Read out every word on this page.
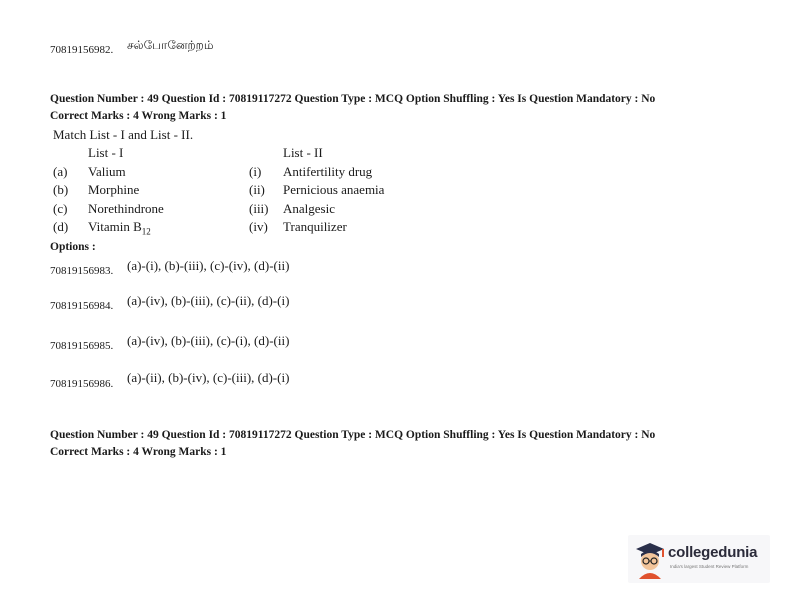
70819156982. சல்போனேற்றம்
Question Number : 49 Question Id : 70819117272 Question Type : MCQ Option Shuffling : Yes Is Question Mandatory : No
Correct Marks : 4 Wrong Marks : 1
Match List - I and List - II.
List - I	List - II
(a) Valium	(i) Antifertility drug
(b) Morphine	(ii) Pernicious anaemia
(c) Norethindrone	(iii) Analgesic
(d) Vitamin $B_{12}$	(iv) Tranquilizer
Options :
70819156983. (a)-(i), (b)-(iii), (c)-(iv), (d)-(ii)
70819156984. (a)-(iv), (b)-(iii), (c)-(ii), (d)-(i)
70819156985. (a)-(iv), (b)-(iii), (c)-(i), (d)-(ii)
70819156986. (a)-(ii), (b)-(iv), (c)-(iii), (d)-(i)
Question Number : 49 Question Id : 70819117272 Question Type : MCQ Option Shuffling : Yes Is Question Mandatory : No
Correct Marks : 4 Wrong Marks : 1
collegedunia
India's largest Student Review Platform
